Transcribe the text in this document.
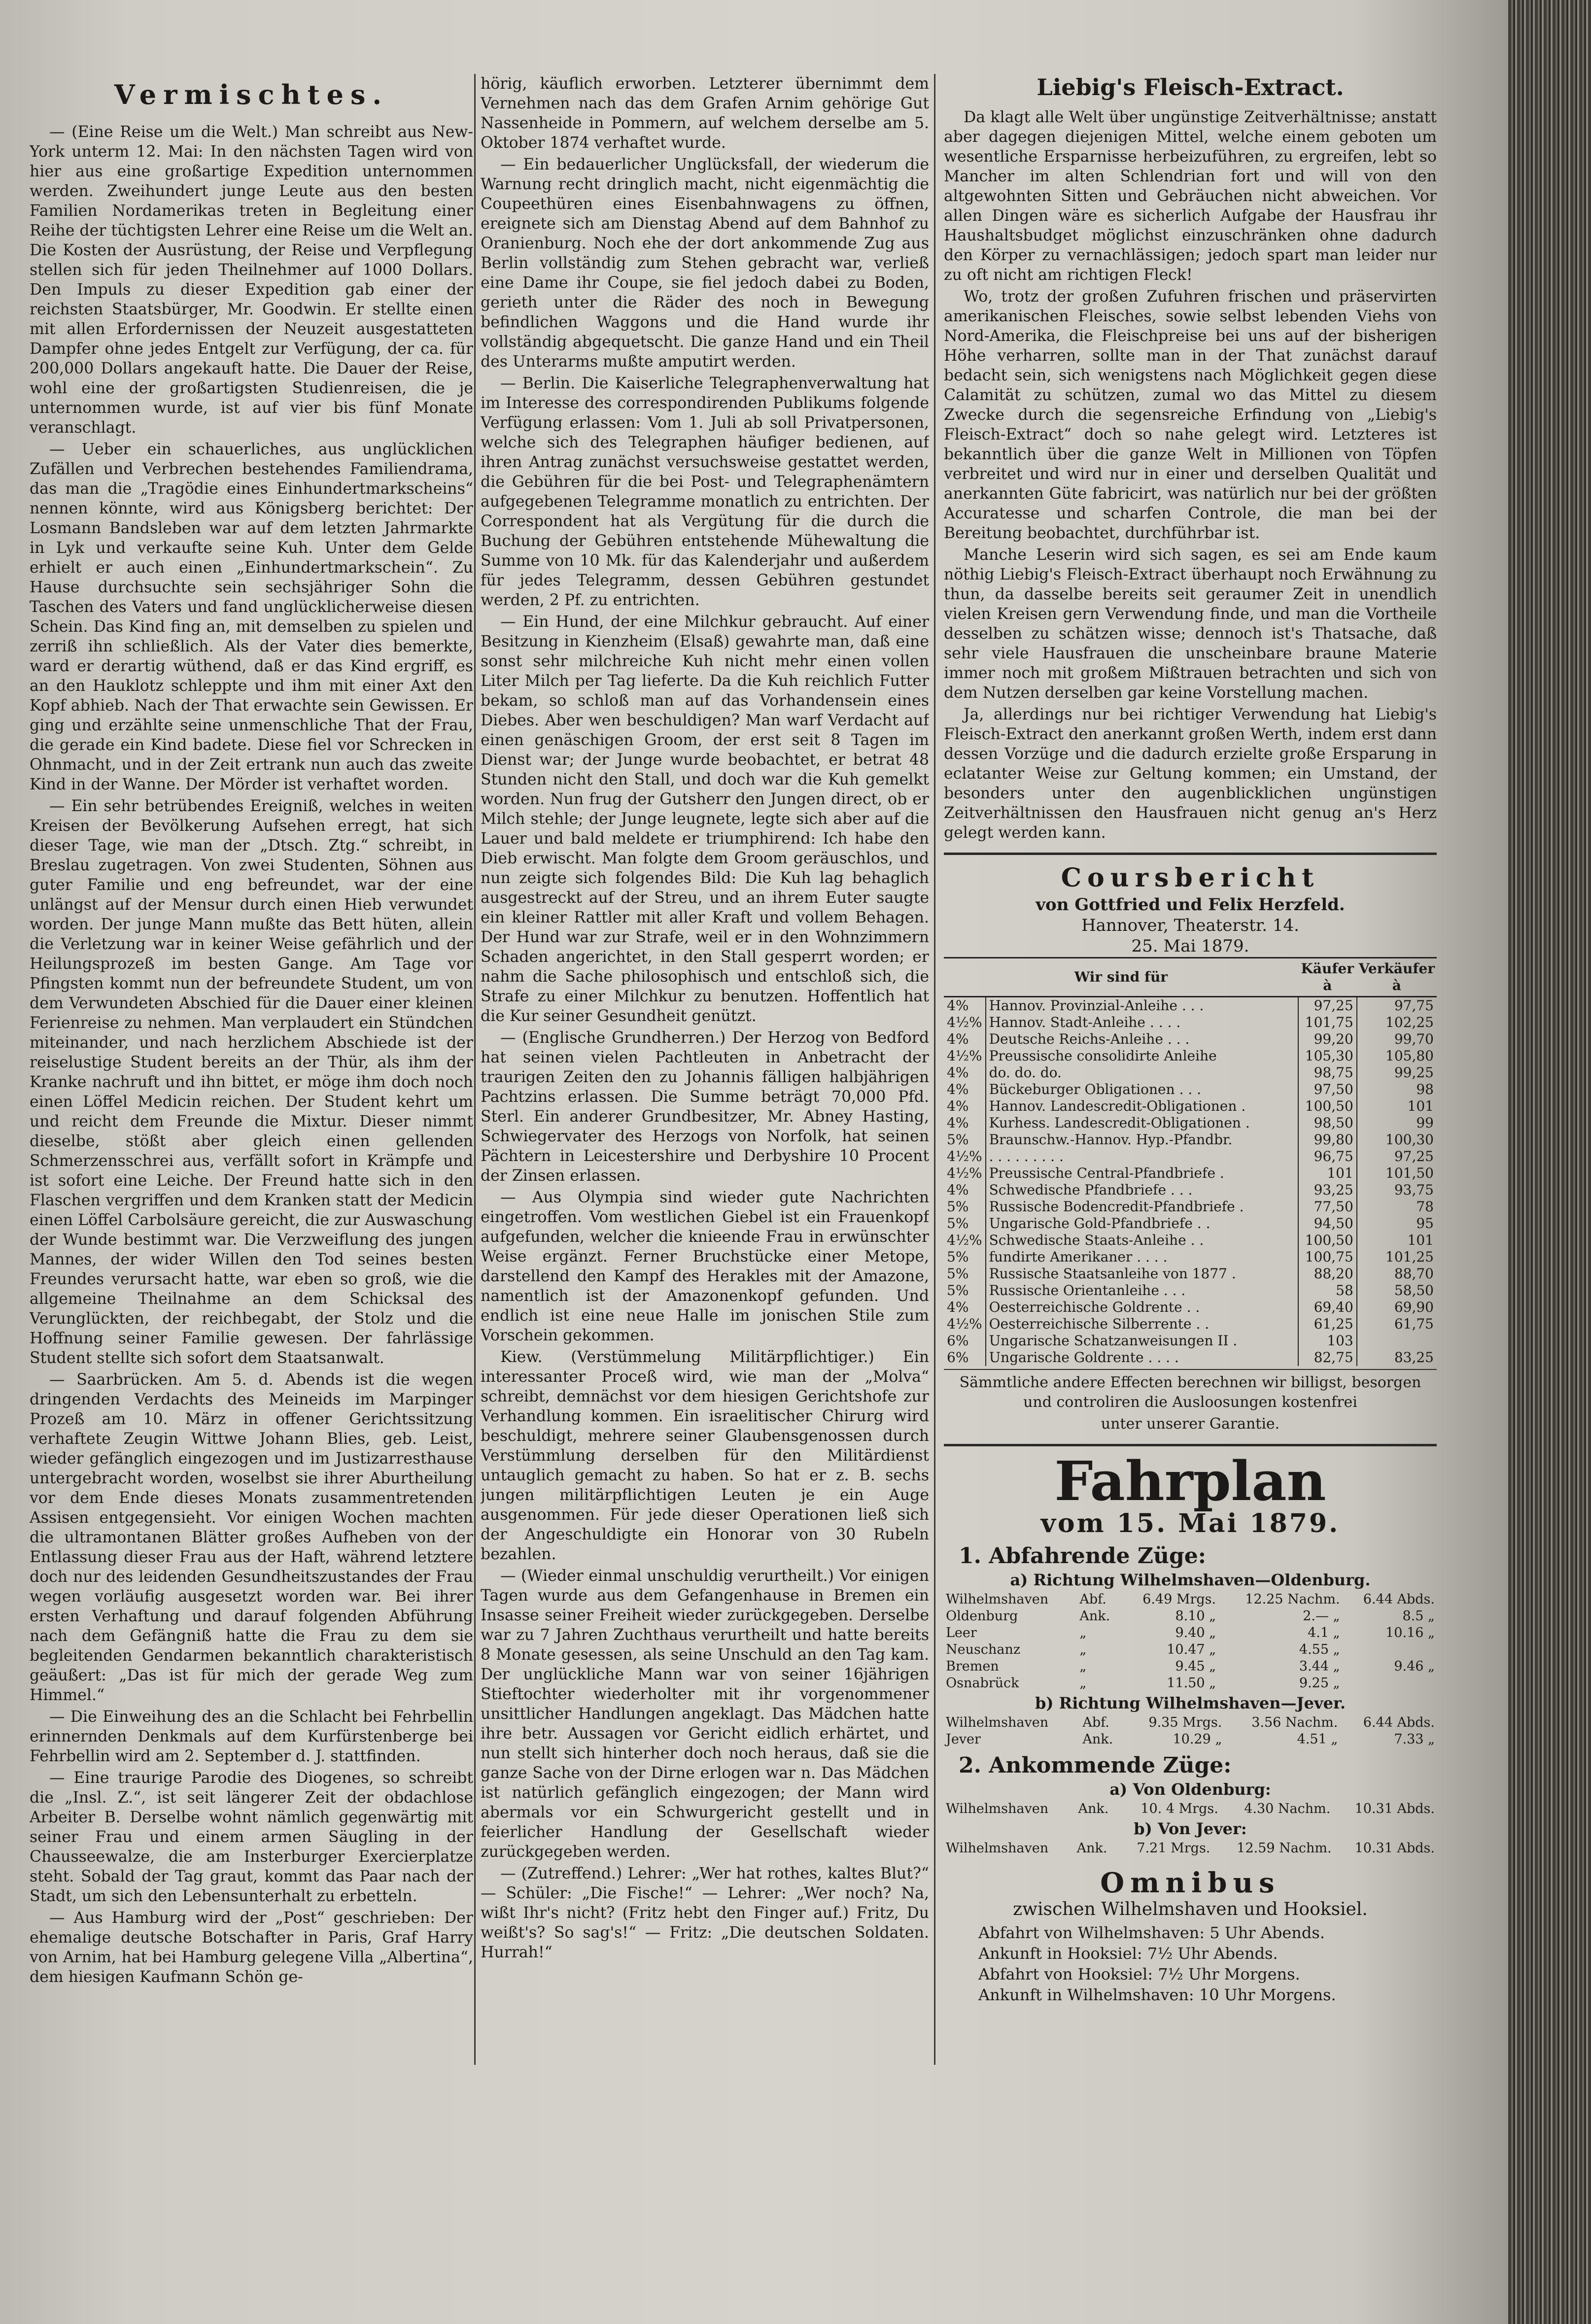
Vermischtes.

— (Eine Reise um die Welt.) Man schreibt aus New-York unterm 12. Mai: In den nächsten Tagen wird von hier aus eine großartige Expedition unternommen werden. Zweihundert junge Leute aus den besten Familien Nordamerikas treten in Begleitung einer Reihe der tüchtigsten Lehrer eine Reise um die Welt an. Die Kosten der Ausrüstung, der Reise und Verpflegung stellen sich für jeden Theilnehmer auf 1000 Dollars. Den Impuls zu dieser Expedition gab einer der reichsten Staatsbürger, Mr. Goodwin. Er stellte einen mit allen Erfordernissen der Neuzeit ausgestatteten Dampfer ohne jedes Entgelt zur Verfügung, der ca. für 200,000 Dollars angekauft hatte. Die Dauer der Reise, wohl eine der großartigsten Studienreisen, die je unternommen wurde, ist auf vier bis fünf Monate veranschlagt.

— Ueber ein schauerliches, aus unglücklichen Zufällen und Verbrechen bestehendes Familiendrama, das man die „Tragödie eines Einhundertmarkscheins“ nennen könnte, wird aus Königsberg berichtet: Der Losmann Bandsleben war auf dem letzten Jahrmarkte in Lyk und verkaufte seine Kuh. Unter dem Gelde erhielt er auch einen „Einhundertmarkschein“. Zu Hause durchsuchte sein sechsjähriger Sohn die Taschen des Vaters und fand unglücklicherweise diesen Schein. Das Kind fing an, mit demselben zu spielen und zerriß ihn schließlich. Als der Vater dies bemerkte, ward er derartig wüthend, daß er das Kind ergriff, es an den Hauklotz schleppte und ihm mit einer Axt den Kopf abhieb. Nach der That erwachte sein Gewissen. Er ging und erzählte seine unmenschliche That der Frau, die gerade ein Kind badete. Diese fiel vor Schrecken in Ohnmacht, und in der Zeit ertrank nun auch das zweite Kind in der Wanne. Der Mörder ist verhaftet worden.

— Ein sehr betrübendes Ereigniß, welches in weiten Kreisen der Bevölkerung Aufsehen erregt, hat sich dieser Tage, wie man der „Dtsch. Ztg.“ schreibt, in Breslau zugetragen. Von zwei Studenten, Söhnen aus guter Familie und eng befreundet, war der eine unlängst auf der Mensur durch einen Hieb verwundet worden. Der junge Mann mußte das Bett hüten, allein die Verletzung war in keiner Weise gefährlich und der Heilungsprozeß im besten Gange. Am Tage vor Pfingsten kommt nun der befreundete Student, um von dem Verwundeten Abschied für die Dauer einer kleinen Ferienreise zu nehmen. Man verplaudert ein Stündchen miteinander, und nach herzlichem Abschiede ist der reiselustige Student bereits an der Thür, als ihm der Kranke nachruft und ihn bittet, er möge ihm doch noch einen Löffel Medicin reichen. Der Student kehrt um und reicht dem Freunde die Mixtur. Dieser nimmt dieselbe, stößt aber gleich einen gellenden Schmerzensschrei aus, verfällt sofort in Krämpfe und ist sofort eine Leiche. Der Freund hatte sich in den Flaschen vergriffen und dem Kranken statt der Medicin einen Löffel Carbolsäure gereicht, die zur Auswaschung der Wunde bestimmt war. Die Verzweiflung des jungen Mannes, der wider Willen den Tod seines besten Freundes verursacht hatte, war eben so groß, wie die allgemeine Theilnahme an dem Schicksal des Verunglückten, der reichbegabt, der Stolz und die Hoffnung seiner Familie gewesen. Der fahrlässige Student stellte sich sofort dem Staatsanwalt.

— Saarbrücken. Am 5. d. Abends ist die wegen dringenden Verdachts des Meineids im Marpinger Prozeß am 10. März in offener Gerichtssitzung verhaftete Zeugin Wittwe Johann Blies, geb. Leist, wieder gefänglich eingezogen und im Justizarresthause untergebracht worden, woselbst sie ihrer Aburtheilung vor dem Ende dieses Monats zusammentretenden Assisen entgegensieht. Vor einigen Wochen machten die ultramontanen Blätter großes Aufheben von der Entlassung dieser Frau aus der Haft, während letztere doch nur des leidenden Gesundheitszustandes der Frau wegen vorläufig ausgesetzt worden war. Bei ihrer ersten Verhaftung und darauf folgenden Abführung nach dem Gefängniß hatte die Frau zu dem sie begleitenden Gendarmen bekanntlich charakteristisch geäußert: „Das ist für mich der gerade Weg zum Himmel.“

— Die Einweihung des an die Schlacht bei Fehrbellin erinnernden Denkmals auf dem Kurfürstenberge bei Fehrbellin wird am 2. September d. J. stattfinden.

— Eine traurige Parodie des Diogenes, so schreibt die „Insl. Z.“, ist seit längerer Zeit der obdachlose Arbeiter B. Derselbe wohnt nämlich gegenwärtig mit seiner Frau und einem armen Säugling in der Chausseewalze, die am Insterburger Exercierplatze steht. Sobald der Tag graut, kommt das Paar nach der Stadt, um sich den Lebensunterhalt zu erbetteln.

— Aus Hamburg wird der „Post“ geschrieben: Der ehemalige deutsche Botschafter in Paris, Graf Harry von Arnim, hat bei Hamburg gelegene Villa „Albertina“, dem hiesigen Kaufmann Schön ge-

hörig, käuflich erworben. Letzterer übernimmt dem Vernehmen nach das dem Grafen Arnim gehörige Gut Nassenheide in Pommern, auf welchem derselbe am 5. Oktober 1874 verhaftet wurde.

— Ein bedauerlicher Unglücksfall, der wiederum die Warnung recht dringlich macht, nicht eigenmächtig die Coupeethüren eines Eisenbahnwagens zu öffnen, ereignete sich am Dienstag Abend auf dem Bahnhof zu Oranienburg. Noch ehe der dort ankommende Zug aus Berlin vollständig zum Stehen gebracht war, verließ eine Dame ihr Coupe, sie fiel jedoch dabei zu Boden, gerieth unter die Räder des noch in Bewegung befindlichen Waggons und die Hand wurde ihr vollständig abgequetscht. Die ganze Hand und ein Theil des Unterarms mußte amputirt werden.

— Berlin. Die Kaiserliche Telegraphenverwaltung hat im Interesse des correspondirenden Publikums folgende Verfügung erlassen: Vom 1. Juli ab soll Privatpersonen, welche sich des Telegraphen häufiger bedienen, auf ihren Antrag zunächst versuchsweise gestattet werden, die Gebühren für die bei Post- und Telegraphenämtern aufgegebenen Telegramme monatlich zu entrichten. Der Correspondent hat als Vergütung für die durch die Buchung der Gebühren entstehende Mühewaltung die Summe von 10 Mk. für das Kalenderjahr und außerdem für jedes Telegramm, dessen Gebühren gestundet werden, 2 Pf. zu entrichten.

— Ein Hund, der eine Milchkur gebraucht. Auf einer Besitzung in Kienzheim (Elsaß) gewahrte man, daß eine sonst sehr milchreiche Kuh nicht mehr einen vollen Liter Milch per Tag lieferte. Da die Kuh reichlich Futter bekam, so schloß man auf das Vorhandensein eines Diebes. Aber wen beschuldigen? Man warf Verdacht auf einen genäschigen Groom, der erst seit 8 Tagen im Dienst war; der Junge wurde beobachtet, er betrat 48 Stunden nicht den Stall, und doch war die Kuh gemelkt worden. Nun frug der Gutsherr den Jungen direct, ob er Milch stehle; der Junge leugnete, legte sich aber auf die Lauer und bald meldete er triumphirend: Ich habe den Dieb erwischt. Man folgte dem Groom geräuschlos, und nun zeigte sich folgendes Bild: Die Kuh lag behaglich ausgestreckt auf der Streu, und an ihrem Euter saugte ein kleiner Rattler mit aller Kraft und vollem Behagen. Der Hund war zur Strafe, weil er in den Wohnzimmern Schaden angerichtet, in den Stall gesperrt worden; er nahm die Sache philosophisch und entschloß sich, die Strafe zu einer Milchkur zu benutzen. Hoffentlich hat die Kur seiner Gesundheit genützt.

— (Englische Grundherren.) Der Herzog von Bedford hat seinen vielen Pachtleuten in Anbetracht der traurigen Zeiten den zu Johannis fälligen halbjährigen Pachtzins erlassen. Die Summe beträgt 70,000 Pfd. Sterl. Ein anderer Grundbesitzer, Mr. Abney Hasting, Schwiegervater des Herzogs von Norfolk, hat seinen Pächtern in Leicestershire und Derbyshire 10 Procent der Zinsen erlassen.

— Aus Olympia sind wieder gute Nachrichten eingetroffen. Vom westlichen Giebel ist ein Frauenkopf aufgefunden, welcher die knieende Frau in erwünschter Weise ergänzt. Ferner Bruchstücke einer Metope, darstellend den Kampf des Herakles mit der Amazone, namentlich ist der Amazonenkopf gefunden. Und endlich ist eine neue Halle im jonischen Stile zum Vorschein gekommen.

Kiew. (Verstümmelung Militärpflichtiger.) Ein interessanter Proceß wird, wie man der „Molva“ schreibt, demnächst vor dem hiesigen Gerichtshofe zur Verhandlung kommen. Ein israelitischer Chirurg wird beschuldigt, mehrere seiner Glaubensgenossen durch Verstümmlung derselben für den Militärdienst untauglich gemacht zu haben. So hat er z. B. sechs jungen militärpflichtigen Leuten je ein Auge ausgenommen. Für jede dieser Operationen ließ sich der Angeschuldigte ein Honorar von 30 Rubeln bezahlen.

— (Wieder einmal unschuldig verurtheilt.) Vor einigen Tagen wurde aus dem Gefangenhause in Bremen ein Insasse seiner Freiheit wieder zurückgegeben. Derselbe war zu 7 Jahren Zuchthaus verurtheilt und hatte bereits 8 Monate gesessen, als seine Unschuld an den Tag kam. Der unglückliche Mann war von seiner 16jährigen Stieftochter wiederholter mit ihr vorgenommener unsittlicher Handlungen angeklagt. Das Mädchen hatte ihre betr. Aussagen vor Gericht eidlich erhärtet, und nun stellt sich hinterher doch noch heraus, daß sie die ganze Sache von der Dirne erlogen war n. Das Mädchen ist natürlich gefänglich eingezogen; der Mann wird abermals vor ein Schwurgericht gestellt und in feierlicher Handlung der Gesellschaft wieder zurückgegeben werden.

— (Zutreffend.) Lehrer: „Wer hat rothes, kaltes Blut?“ — Schüler: „Die Fische!“ — Lehrer: „Wer noch? Na, wißt Ihr's nicht? (Fritz hebt den Finger auf.) Fritz, Du weißt's? So sag's!“ — Fritz: „Die deutschen Soldaten. Hurrah!“

Liebig's Fleisch-Extract.

Da klagt alle Welt über ungünstige Zeitverhältnisse; anstatt aber dagegen diejenigen Mittel, welche einem geboten um wesentliche Ersparnisse herbeizuführen, zu ergreifen, lebt so Mancher im alten Schlendrian fort und will von den altgewohnten Sitten und Gebräuchen nicht abweichen. Vor allen Dingen wäre es sicherlich Aufgabe der Hausfrau ihr Haushaltsbudget möglichst einzuschränken ohne dadurch den Körper zu vernachlässigen; jedoch spart man leider nur zu oft nicht am richtigen Fleck!

Wo, trotz der großen Zufuhren frischen und präservirten amerikanischen Fleisches, sowie selbst lebenden Viehs von Nord-Amerika, die Fleischpreise bei uns auf der bisherigen Höhe verharren, sollte man in der That zunächst darauf bedacht sein, sich wenigstens nach Möglichkeit gegen diese Calamität zu schützen, zumal wo das Mittel zu diesem Zwecke durch die segensreiche Erfindung von „Liebig's Fleisch-Extract“ doch so nahe gelegt wird. Letzteres ist bekanntlich über die ganze Welt in Millionen von Töpfen verbreitet und wird nur in einer und derselben Qualität und anerkannten Güte fabricirt, was natürlich nur bei der größten Accuratesse und scharfen Controle, die man bei der Bereitung beobachtet, durchführbar ist.

Manche Leserin wird sich sagen, es sei am Ende kaum nöthig Liebig's Fleisch-Extract überhaupt noch Erwähnung zu thun, da dasselbe bereits seit geraumer Zeit in unendlich vielen Kreisen gern Verwendung finde, und man die Vortheile desselben zu schätzen wisse; dennoch ist's Thatsache, daß sehr viele Hausfrauen die unscheinbare braune Materie immer noch mit großem Mißtrauen betrachten und sich von dem Nutzen derselben gar keine Vorstellung machen.

Ja, allerdings nur bei richtiger Verwendung hat Liebig's Fleisch-Extract den anerkannt großen Werth, indem erst dann dessen Vorzüge und die dadurch erzielte große Ersparung in eclatanter Weise zur Geltung kommen; ein Umstand, der besonders unter den augenblicklichen ungünstigen Zeitverhältnissen den Hausfrauen nicht genug an's Herz gelegt werden kann.

Coursbericht
von Gottfried und Felix Herzfeld.
Hannover, Theaterstr. 14.
25. Mai 1879.
Wir sind für		Käufer à	Verkäufer à
4%	Hannov. Provinzial-Anleihe . . .	97,25	97,75
4½%	Hannov. Stadt-Anleihe . . . .	101,75	102,25
4%	Deutsche Reichs-Anleihe . . .	99,20	99,70
4½%	Preussische consolidirte Anleihe	105,30	105,80
4%	do. do. do.	98,75	99,25
4%	Bückeburger Obligationen . . .	97,50	98
4%	Hannov. Landescredit-Obligationen .	100,50	101
4%	Kurhess. Landescredit-Obligationen .	98,50	99
5%	Braunschw.-Hannov. Hyp.-Pfandbr.	99,80	100,30
4½%	. . . . . . . . .	96,75	97,25
4½%	Preussische Central-Pfandbriefe .	101	101,50
4%	Schwedische Pfandbriefe . . .	93,25	93,75
5%	Russische Bodencredit-Pfandbriefe .	77,50	78
5%	Ungarische Gold-Pfandbriefe . .	94,50	95
4½%	Schwedische Staats-Anleihe . .	100,50	101
5%	fundirte Amerikaner . . . .	100,75	101,25
5%	Russische Staatsanleihe von 1877 .	88,20	88,70
5%	Russische Orientanleihe . . .	58	58,50
4%	Oesterreichische Goldrente . .	69,40	69,90
4½%	Oesterreichische Silberrente . .	61,25	61,75
6%	Ungarische Schatzanweisungen II .	103	
6%	Ungarische Goldrente . . . .	82,75	83,25

Sämmtliche andere Effecten berechnen wir billigst, besorgen und controliren die Ausloosungen kostenfrei

unter unserer Garantie.

Fahrplan
vom 15. Mai 1879.
1. Abfahrende Züge:
a) Richtung Wilhelmshaven—Oldenburg.
Wilhelmshaven	Abf.	6.49 Mrgs.	12.25 Nachm.	6.44 Abds.
Oldenburg	Ank.	8.10 „	2.— „	8.5 „
Leer	„	9.40 „	4.1 „	10.16 „
Neuschanz	„	10.47 „	4.55 „	
Bremen	„	9.45 „	3.44 „	9.46 „
Osnabrück	„	11.50 „	9.25 „	
b) Richtung Wilhelmshaven—Jever.
Wilhelmshaven	Abf.	9.35 Mrgs.	3.56 Nachm.	6.44 Abds.
Jever	Ank.	10.29 „	4.51 „	7.33 „
2. Ankommende Züge:
a) Von Oldenburg:
Wilhelmshaven	Ank.	10. 4 Mrgs.	4.30 Nachm.	10.31 Abds.
b) Von Jever:
Wilhelmshaven	Ank.	7.21 Mrgs.	12.59 Nachm.	10.31 Abds.
Omnibus
zwischen Wilhelmshaven und Hooksiel.
Abfahrt von Wilhelmshaven: 5 Uhr Abends.
Ankunft in Hooksiel: 7½ Uhr Abends.
Abfahrt von Hooksiel: 7½ Uhr Morgens.
Ankunft in Wilhelmshaven: 10 Uhr Morgens.
